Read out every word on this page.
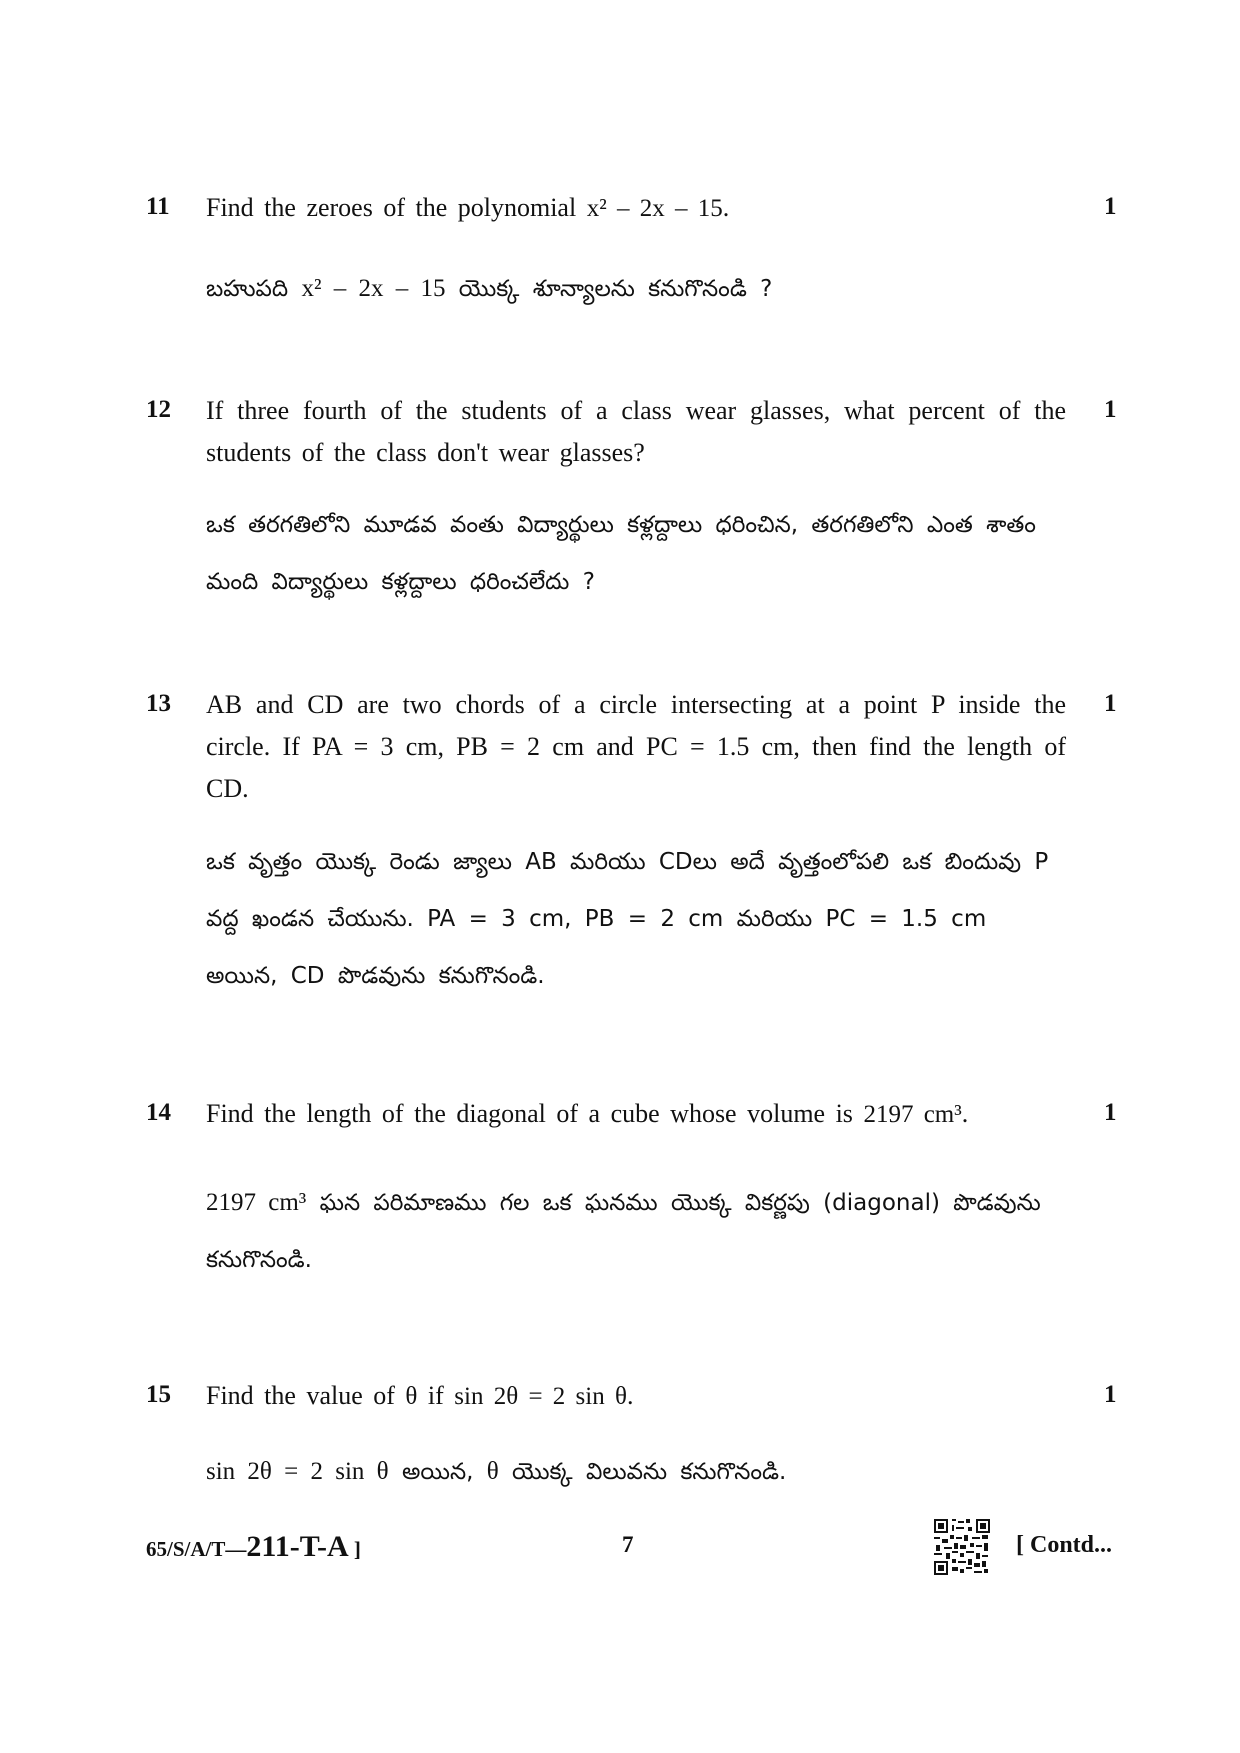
11 Find the zeroes of the polynomial x² – 2x – 15.	1
బహుపది x² – 2x – 15 యొక్క శూన్యాలను కనుగొనండి ?
12 If three fourth of the students of a class wear glasses, what percent of the students of the class don't wear glasses?
1
ఒక తరగతిలోని మూడవ వంతు విద్యార్థులు కళ్లద్దాలు ధరించిన, తరగతిలోని ఎంత శాతం మంది విద్యార్థులు కళ్లద్దాలు ధరించలేదు ?
13 AB and CD are two chords of a circle intersecting at a point P inside the circle. If PA = 3 cm, PB = 2 cm and PC = 1.5 cm, then find the length of CD.
1
ఒక వృత్తం యొక్క రెండు జ్యాలు AB మరియు CDలు అదే వృత్తంలోపలి ఒక బిందువు P వద్ద ఖండన చేయును. PA = 3 cm, PB = 2 cm మరియు PC = 1.5 cm అయిన, CD పొడవును కనుగొనండి.
14 Find the length of the diagonal of a cube whose volume is 2197 cm³.	1
2197 cm³ ఘన పరిమాణము గల ఒక ఘనము యొక్క వికర్ణపు (diagonal) పొడవును కనుగొనండి.
15 Find the value of θ if sin 2θ = 2 sin θ.	1
sin 2θ = 2 sin θ అయిన, θ యొక్క విలువను కనుగొనండి.
65/S/A/T—211-T-A ]	7	[ Contd...
